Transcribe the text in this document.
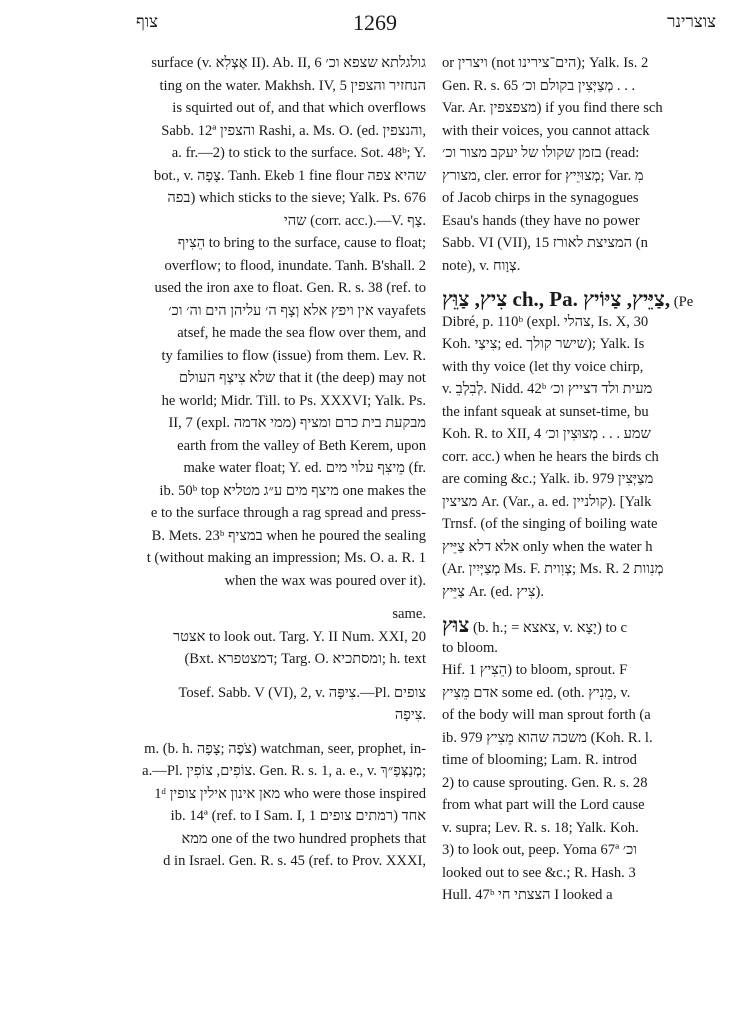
צוף	1269	צוצרינר
surface (v. אֶצְלִא II). Ab. II, 6 גולגלתא שצפא וכ׳
ting on the water. Makhsh. IV, 5 הנחזיר והצפין
is squirted out of, and that which overflows
Sabb. 12ª והצפין Rashi, a. Ms. O. (ed. והנצפין,
a. fr.—2) to stick to the surface. Sot. 48ᵇ; Y.
bot., v. צָפָה. Tanh. Ekeb 1 fine flour שהיא צפה
בפה) which sticks to the sieve; Yalk. Ps. 676
שהי (corr. acc.).—V. צָף.
הֵצִיף to bring to the surface, cause to float;
overflow; to flood, inundate. Tanh. B'shall. 2
used the iron axe to float. Gen. R. s. 38 (ref. to
אין ויפץ אלא וְצָף ה׳ עליהן הים וה׳ וכ׳ vayafets
atsef, he made the sea flow over them, and
ty families to flow (issue) from them. Lev. R.
שלא צִיצְף העולם that it (the deep) may not
he world; Midr. Till. to Ps. XXXVI; Yalk. Ps.
II, 7 (expl. ממי אדמה) מבקעת בית כרם ומציף
earth from the valley of Beth Kerem, upon
make water float; Y. ed. מֵיצִף עלוי מים (fr.
ib. 50ᵇ top מיצף מים ע״ג מטליא one makes the
e to the surface through a rag spread and press-
B. Mets. 23ᵇ במציף when he poured the sealing
t (without making an impression; Ms. O. a. R. 1
when the wax was poured over it).
same.
אצטר to look out. Targ. Y. II Num. XXI, 20
(Bxt. דמצטפרא; Targ. O. ומסתכיא; h. text
Tosef. Sabb. V (VI), 2, v. צִיפָּה.—Pl. צופים
צִיפָה.
m. (b. h. צֹפֶה ;צָפָה) watchman, seer, prophet, in-
a.—Pl. צוֹפִים, צוֹפִין. Gen. R. s. 1, a. e., v. מְנַצְּפַ״ךְ;
1ᵈ מאן אינון אילין צופין who were those inspired
ib. 14ª (ref. to I Sam. I, 1 רמתים צופים) אחד
ממא one of the two hundred prophets that
d in Israel. Gen. R. s. 45 (ref. to Prov. XXXI,
or ויצרין (not הים־צירינו); Yalk. Is. 2
Gen. R. s. 65 מְצַיְּצִין בקולם וכ׳ . . .
Var. Ar. מצפצפין) if you find there sch
with their voices, you cannot attack
בזמן שקולו של יעקב מצור וכ׳ (read:
מצורץ, cler. error for מְצוּיֵיץ; Var. מִ
of Jacob chirps in the synagogues
Esau's hands (they have no power
Sabb. VI (VII), 15 המציצת לאורז (n
note), v. צְוָוח.
צִיץ, צַוֵּץ ch., Pa. צַיֵּיץ, צַיּוֹיץ, (Pe
Dibré, p. 110ᵇ (expl. צהלי, Is. X, 30
Koh. צִיצַי; ed. שישר קולך); Yalk. Is
with thy voice (let thy voice chirp,
v. לְבִלְבֵ. Nidd. 42ᵇ מעית ולד דצייץ וכ׳
the infant squeak at sunset-time, bu
Koh. R. to XII, 4 שמע . . . מְצוּצִין וכ׳
corr. acc.) when he hears the birds ch
are coming &c.; Yalk. ib. 979 מצַיְּצִין
מציצין Ar. (Var., a. ed. קולניין). [Yalk
Trnsf. (of the singing of boiling wate
אלא דלא צַיֵּיץ only when the water h
(Ar. מְצַיְּיִין Ms. F. צְוִוית; Ms. R. 2 מְנִוות
צַיֵּיץ Ar. (ed. צִיץ).
צוּץ (b. h.; = צאצא, v. יָצָא) to c
to bloom.
Hif. הֵצִיץ 1) to bloom, sprout. F
אדם מֵצִיץ some ed. (oth. מֵנִיץ, v.
of the body will man sprout forth (a
ib. 979 משכה שהוא מֵצִיץ (Koh. R. l.
time of blooming; Lam. R. introd
2) to cause sprouting. Gen. R. s. 28
from what part will the Lord cause
v. supra; Lev. R. s. 18; Yalk. Koh.
3) to look out, peep. Yoma 67ª וכ׳
looked out to see &c.; R. Hash. 3
Hull. 47ᵇ הצצתי חי I looked a
